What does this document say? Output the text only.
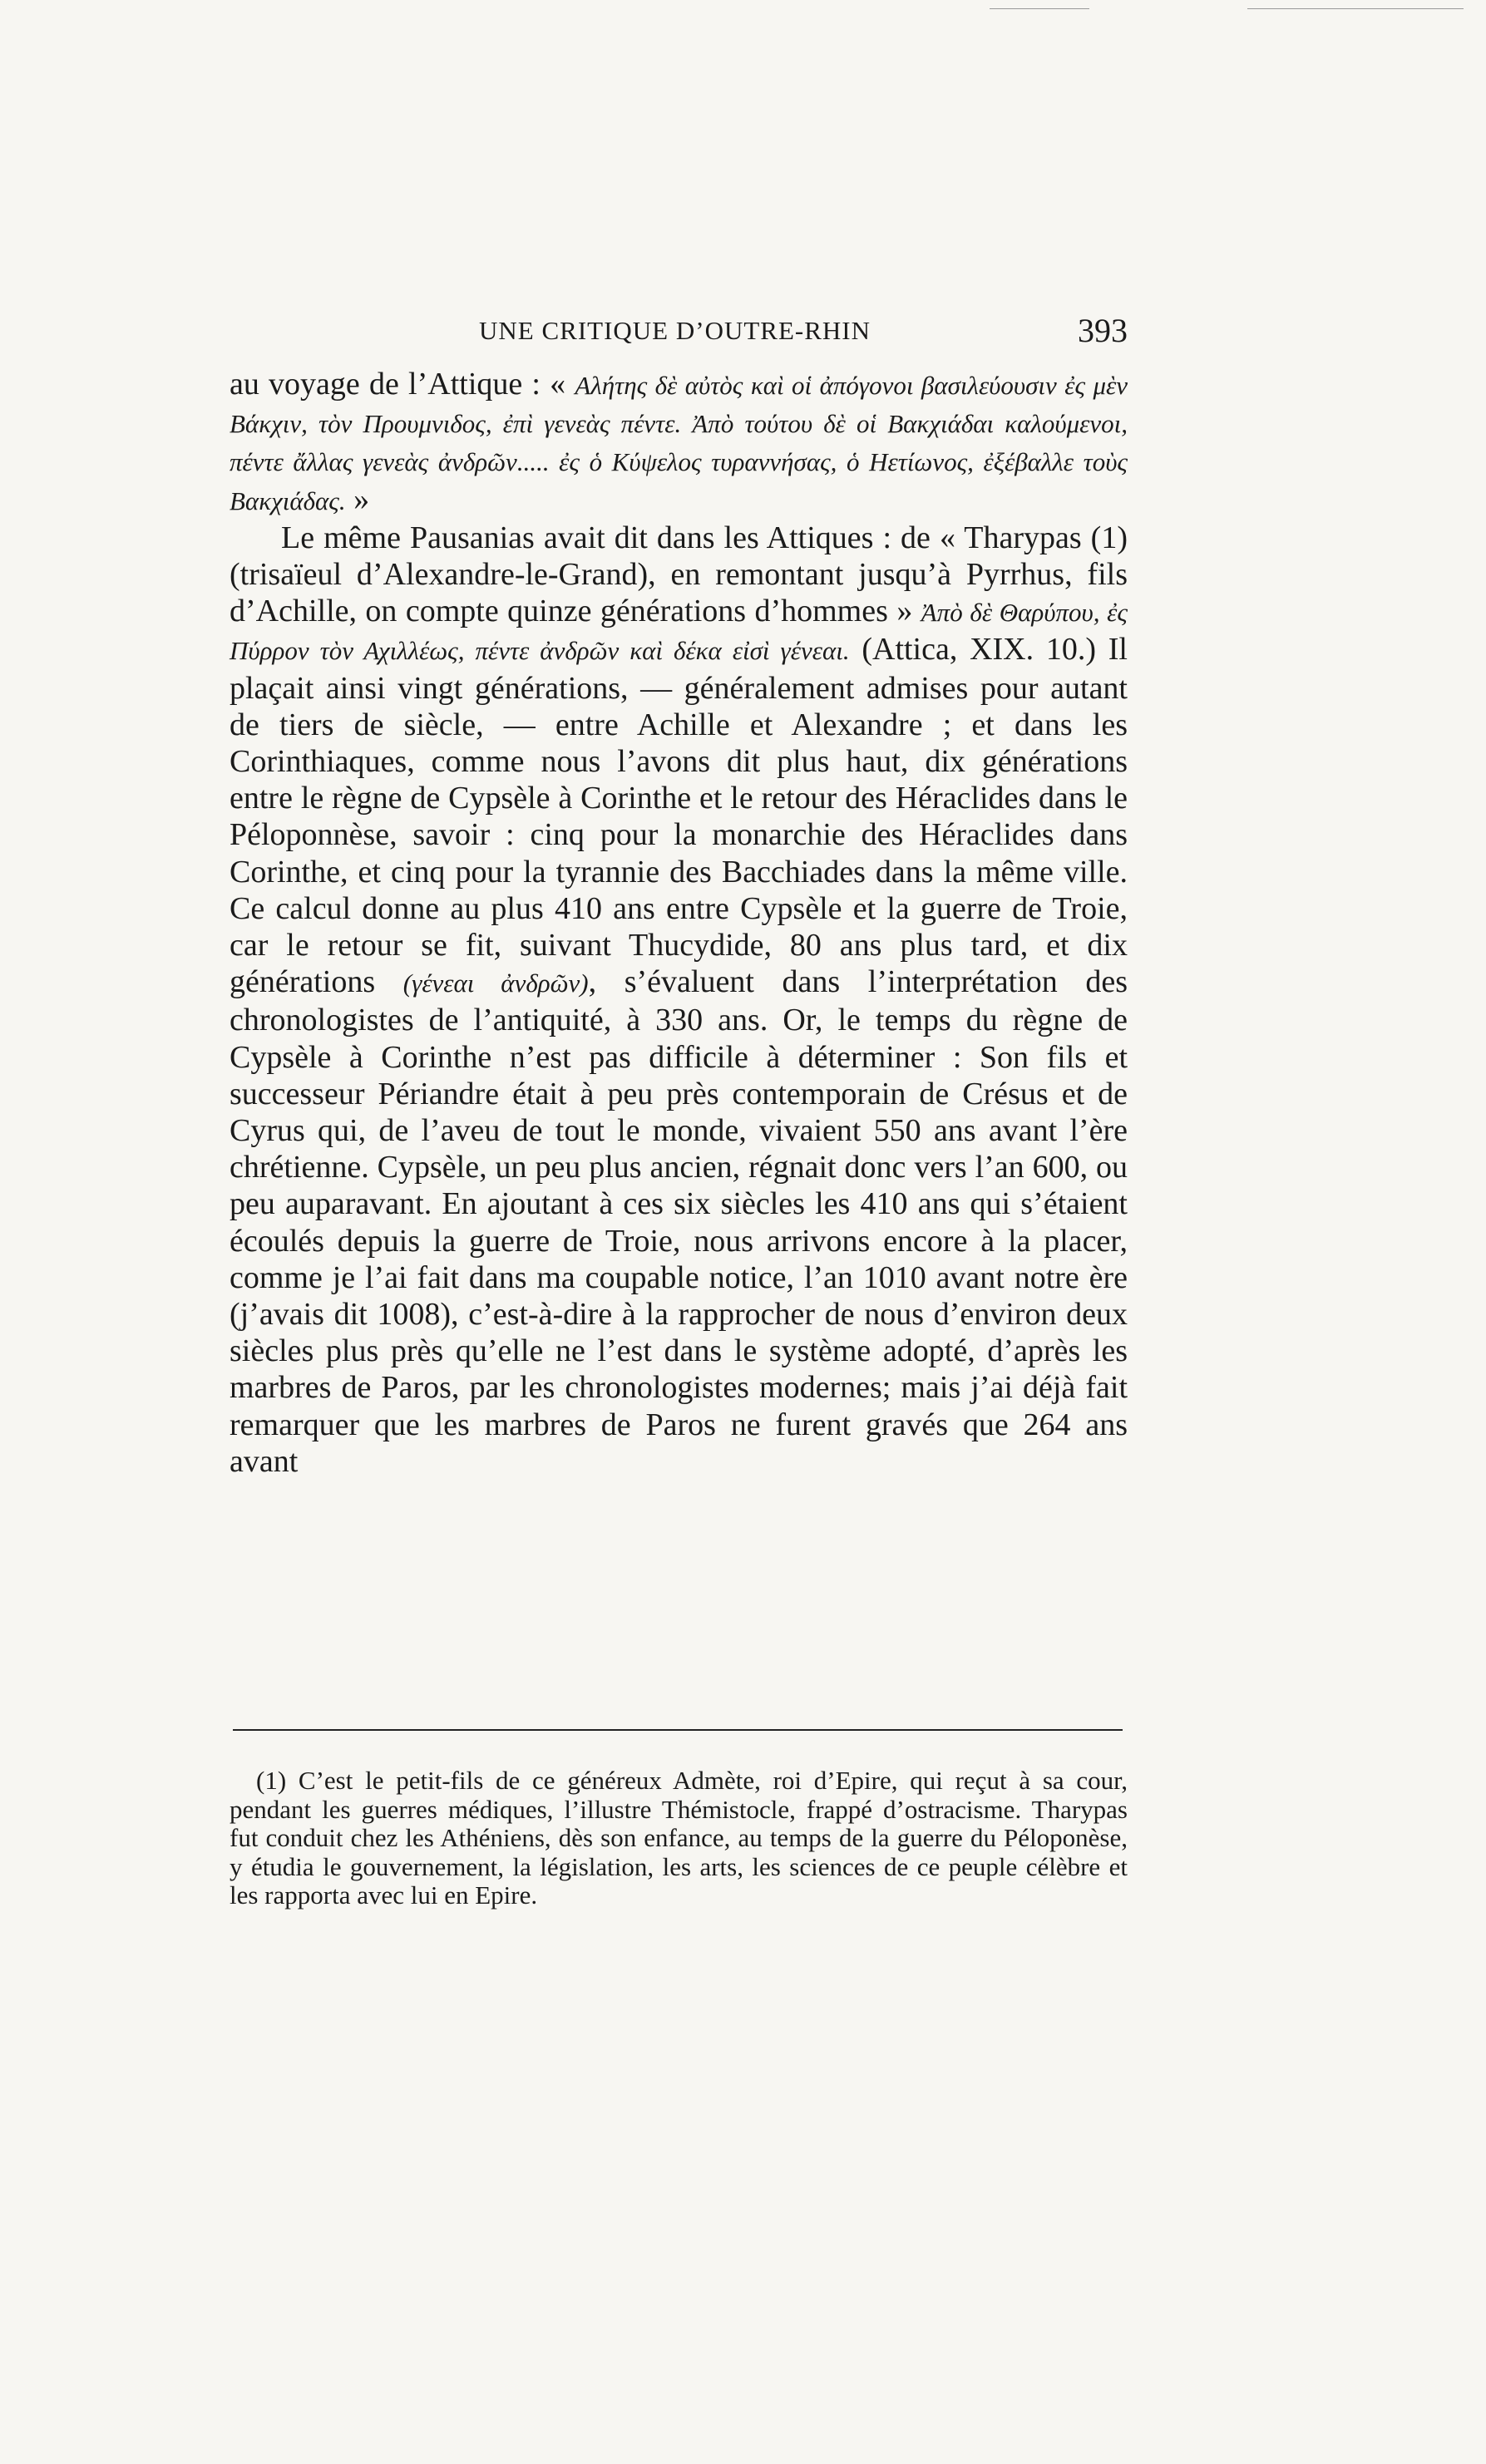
UNE CRITIQUE D’OUTRE-RHIN	393

au voyage de l’Attique : « Αλήτης δὲ αὐτὸς καὶ οἱ ἀπόγονοι βασιλεύουσιν ἐς μὲν Βάκχιν, τὸν Προυμνιδος, ἐπὶ γενεὰς πέντε. Ἀπὸ τούτου δὲ οἱ Βακχιάδαι καλούμενοι, πέντε ἄλλας γενεὰς ἀνδρῶν..... ἐς ὁ Κύψελος τυραννήσας, ὁ Ηετίωνος, ἐξέβαλλε τοὺς Βακχιάδας. »

Le même Pausanias avait dit dans les Attiques : de « Tharypas (1) (trisaïeul d’Alexandre-le-Grand), en remontant jusqu’à Pyrrhus, fils d’Achille, on compte quinze générations d’hommes » Ἀπὸ δὲ Θαρύπου, ἐς Πύρρον τὸν Αχιλλέως, πέντε ἀνδρῶν καὶ δέκα εἰσὶ γένεαι. (Attica, XIX. 10.) Il plaçait ainsi vingt générations, — généralement admises pour autant de tiers de siècle, — entre Achille et Alexandre ; et dans les Corinthiaques, comme nous l’avons dit plus haut, dix générations entre le règne de Cypsèle à Corinthe et le retour des Héraclides dans le Péloponnèse, savoir : cinq pour la monarchie des Héraclides dans Corinthe, et cinq pour la tyrannie des Bacchiades dans la même ville. Ce calcul donne au plus 410 ans entre Cypsèle et la guerre de Troie, car le retour se fit, suivant Thucydide, 80 ans plus tard, et dix générations (γένεαι ἀνδρῶν), s’évaluent dans l’interprétation des chronologistes de l’antiquité, à 330 ans. Or, le temps du règne de Cypsèle à Corinthe n’est pas difficile à déterminer : Son fils et successeur Périandre était à peu près contemporain de Crésus et de Cyrus qui, de l’aveu de tout le monde, vivaient 550 ans avant l’ère chrétienne. Cypsèle, un peu plus ancien, régnait donc vers l’an 600, ou peu auparavant. En ajoutant à ces six siècles les 410 ans qui s’étaient écoulés depuis la guerre de Troie, nous arrivons encore à la placer, comme je l’ai fait dans ma coupable notice, l’an 1010 avant notre ère (j’avais dit 1008), c’est-à-dire à la rapprocher de nous d’environ deux siècles plus près qu’elle ne l’est dans le système adopté, d’après les marbres de Paros, par les chronologistes modernes; mais j’ai déjà fait remarquer que les marbres de Paros ne furent gravés que 264 ans avant

(1) C’est le petit-fils de ce généreux Admète, roi d’Epire, qui reçut à sa cour, pendant les guerres médiques, l’illustre Thémistocle, frappé d’ostracisme. Tharypas fut conduit chez les Athéniens, dès son enfance, au temps de la guerre du Péloponèse, y étudia le gouvernement, la législation, les arts, les sciences de ce peuple célèbre et les rapporta avec lui en Epire.
